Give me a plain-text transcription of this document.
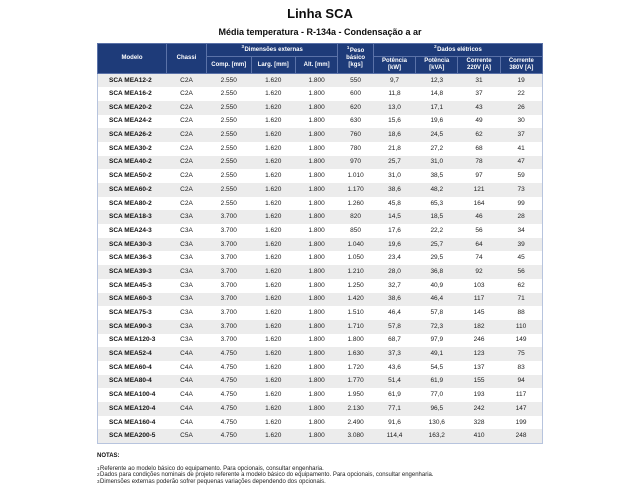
Linha SCA
Média temperatura - R-134a - Condensação a ar
Modelo	Chassi	$^3$Dimensões externas			$^1$Peso básico [kgs]	$^2$Dados elétricos			
		Comp. [mm]	Larg. [mm]	Alt. [mm]		Potência [kW]	Potência [kVA]	Corrente 220V [A]	Corrente 380V [A]
SCA MEA12-2	C2A	2.550	1.620	1.800	550	9,7	12,3	31	19
SCA MEA16-2	C2A	2.550	1.620	1.800	600	11,8	14,8	37	22
SCA MEA20-2	C2A	2.550	1.620	1.800	620	13,0	17,1	43	26
SCA MEA24-2	C2A	2.550	1.620	1.800	630	15,6	19,6	49	30
SCA MEA26-2	C2A	2.550	1.620	1.800	760	18,6	24,5	62	37
SCA MEA30-2	C2A	2.550	1.620	1.800	780	21,8	27,2	68	41
SCA MEA40-2	C2A	2.550	1.620	1.800	970	25,7	31,0	78	47
SCA MEA50-2	C2A	2.550	1.620	1.800	1.010	31,0	38,5	97	59
SCA MEA60-2	C2A	2.550	1.620	1.800	1.170	38,6	48,2	121	73
SCA MEA80-2	C2A	2.550	1.620	1.800	1.260	45,8	65,3	164	99
SCA MEA18-3	C3A	3.700	1.620	1.800	820	14,5	18,5	46	28
SCA MEA24-3	C3A	3.700	1.620	1.800	850	17,6	22,2	56	34
SCA MEA30-3	C3A	3.700	1.620	1.800	1.040	19,6	25,7	64	39
SCA MEA36-3	C3A	3.700	1.620	1.800	1.050	23,4	29,5	74	45
SCA MEA39-3	C3A	3.700	1.620	1.800	1.210	28,0	36,8	92	56
SCA MEA45-3	C3A	3.700	1.620	1.800	1.250	32,7	40,9	103	62
SCA MEA60-3	C3A	3.700	1.620	1.800	1.420	38,6	46,4	117	71
SCA MEA75-3	C3A	3.700	1.620	1.800	1.510	46,4	57,8	145	88
SCA MEA90-3	C3A	3.700	1.620	1.800	1.710	57,8	72,3	182	110
SCA MEA120-3	C3A	3.700	1.620	1.800	1.800	68,7	97,9	246	149
SCA MEA52-4	C4A	4.750	1.620	1.800	1.630	37,3	49,1	123	75
SCA MEA60-4	C4A	4.750	1.620	1.800	1.720	43,6	54,5	137	83
SCA MEA80-4	C4A	4.750	1.620	1.800	1.770	51,4	61,9	155	94
SCA MEA100-4	C4A	4.750	1.620	1.800	1.950	61,9	77,0	193	117
SCA MEA120-4	C4A	4.750	1.620	1.800	2.130	77,1	96,5	242	147
SCA MEA160-4	C4A	4.750	1.620	1.800	2.490	91,6	130,6	328	199
SCA MEA200-5	C5A	4.750	1.620	1.800	3.080	114,4	163,2	410	248
NOTAS:
$^1$Referente ao modelo básico do equipamento. Para opcionais, consultar engenharia.
$^2$Dados para condições nominais de projeto referente a modelo básico do equipamento. Para opcionais, consultar engenharia.
$^3$Dimensões externas poderão sofrer pequenas variações dependendo dos opcionais.
